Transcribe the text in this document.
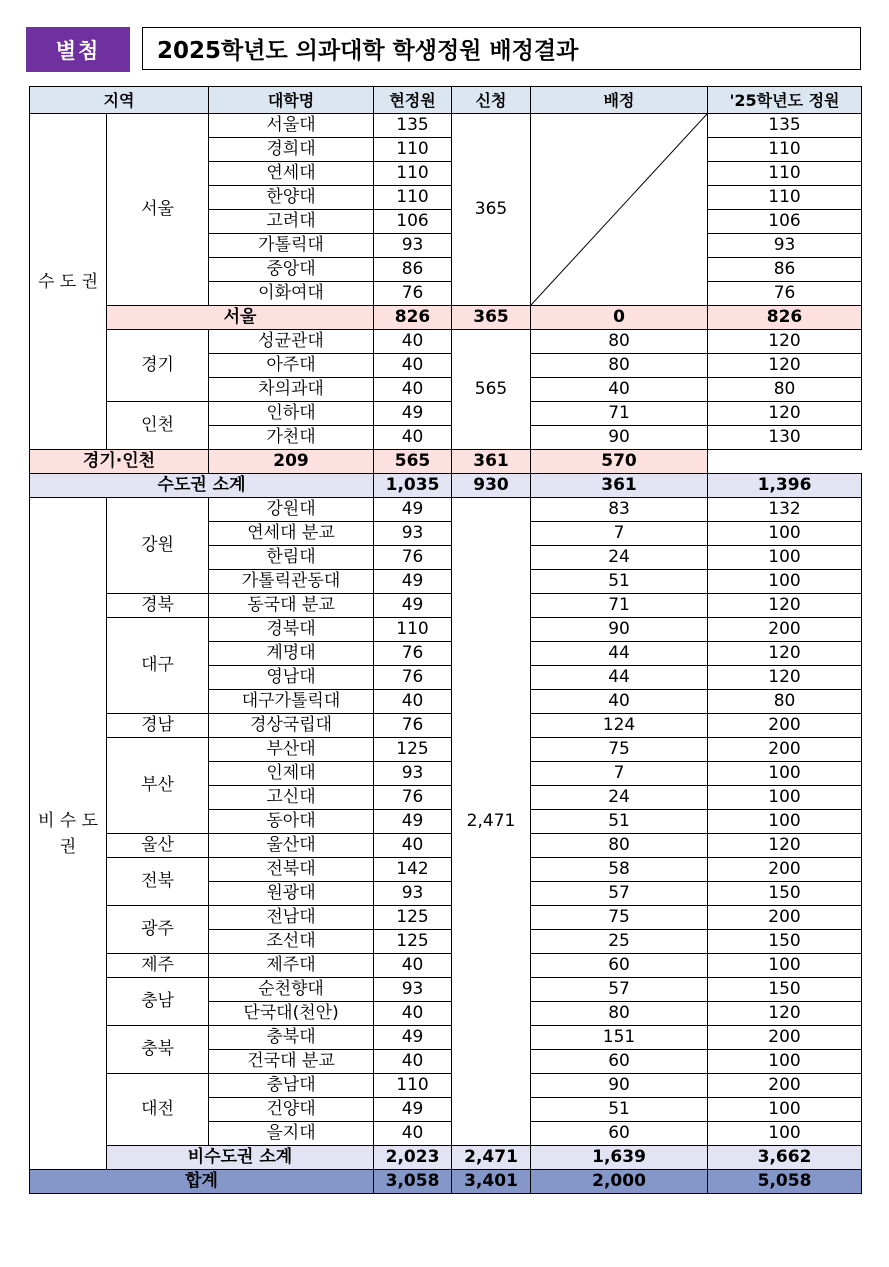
별첨	2025학년도 의과대학 학생정원 배정결과
지역		대학명	현정원	신청	배정	'25학년도 정원
수 도 권	서울	서울대	135	365		135
		경희대	110			110
		연세대	110			110
		한양대	110			110
		고려대	106			106
		가톨릭대	93			93
		중앙대	86			86
		이화여대	76			76
	서울		826	365	0	826
	경기	성균관대	40	565	80	120
		아주대	40		80	120
		차의과대	40		40	80
	인천	인하대	49		71	120
		가천대	40		90	130
경기·인천		209	565	361	570	
수도권 소계			1,035	930	361	1,396
비 수 도 권	강원	강원대	49	2,471	83	132
		연세대 분교	93		7	100
		한림대	76		24	100
		가톨릭관동대	49		51	100
	경북	동국대 분교	49		71	120
	대구	경북대	110		90	200
		계명대	76		44	120
		영남대	76		44	120
		대구가톨릭대	40		40	80
	경남	경상국립대	76		124	200
	부산	부산대	125		75	200
		인제대	93		7	100
		고신대	76		24	100
		동아대	49		51	100
	울산	울산대	40		80	120
	전북	전북대	142		58	200
		원광대	93		57	150
	광주	전남대	125		75	200
		조선대	125		25	150
	제주	제주대	40		60	100
	충남	순천향대	93		57	150
		단국대(천안)	40		80	120
	충북	충북대	49		151	200
		건국대 분교	40		60	100
	대전	충남대	110		90	200
		건양대	49		51	100
		을지대	40		60	100
	비수도권 소계		2,023	2,471	1,639	3,662
합계			3,058	3,401	2,000	5,058
